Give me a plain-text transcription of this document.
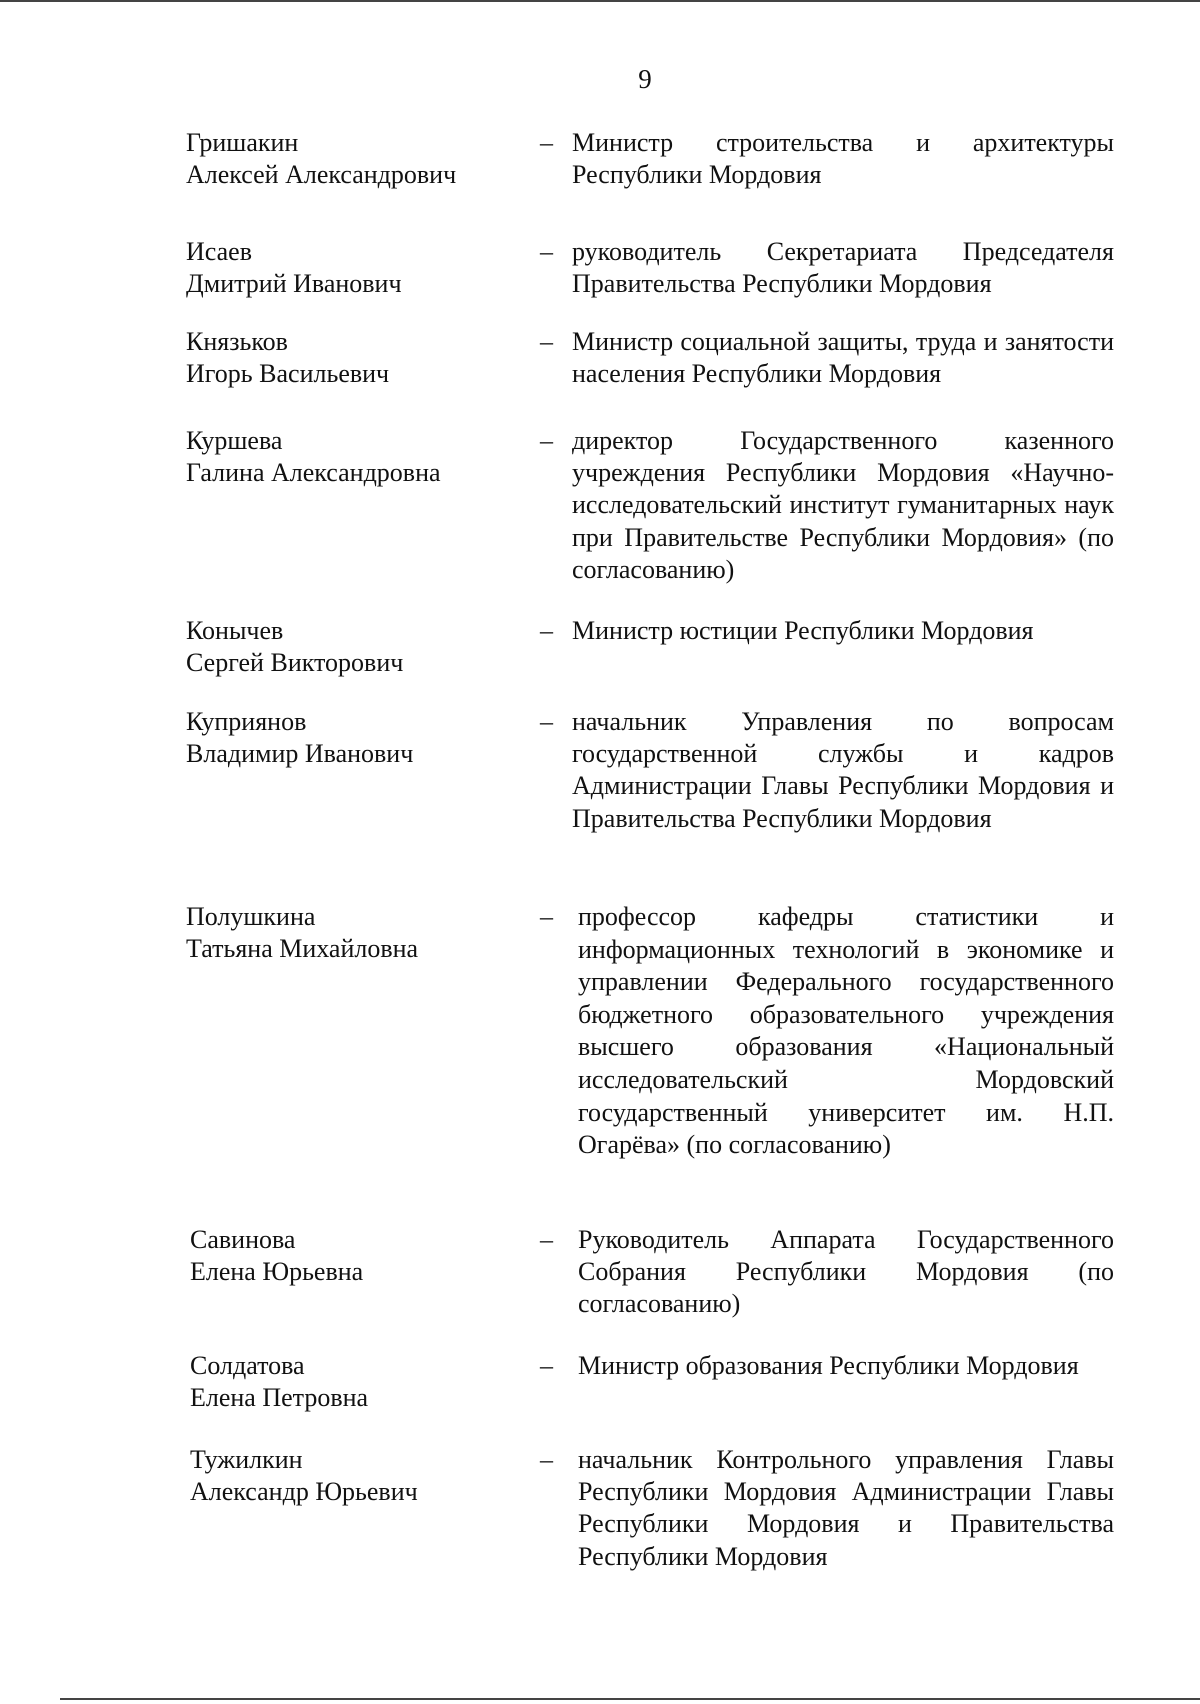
9
Гришакин
Алексей Александрович
– Министр строительства и архитектуры Республики Мордовия
Исаев
Дмитрий Иванович
– руководитель Секретариата Председателя Правительства Республики Мордовия
Князьков
Игорь Васильевич
– Министр социальной защиты, труда и занятости населения Республики Мордовия
Куршева
Галина Александровна
– директор Государственного казенного учреждения Республики Мордовия «Научно-исследовательский институт гуманитарных наук при Правительстве Республики Мордовия» (по согласованию)
Конычев
Сергей Викторович
– Министр юстиции Республики Мордовия
Куприянов
Владимир Иванович
– начальник Управления по вопросам государственной службы и кадров Администрации Главы Республики Мордовия и Правительства Республики Мордовия
Полушкина
Татьяна Михайловна
– профессор кафедры статистики и информационных технологий в экономике и управлении Федерального государственного бюджетного образовательного учреждения высшего образования «Национальный исследовательский Мордовский государственный университет им. Н.П. Огарёва» (по согласованию)
Савинова
Елена Юрьевна
– Руководитель Аппарата Государственного Собрания Республики Мордовия (по согласованию)
Солдатова
Елена Петровна
– Министр образования Республики Мордовия
Тужилкин
Александр Юрьевич
– начальник Контрольного управления Главы Республики Мордовия Администрации Главы Республики Мордовия и Правительства Республики Мордовия
